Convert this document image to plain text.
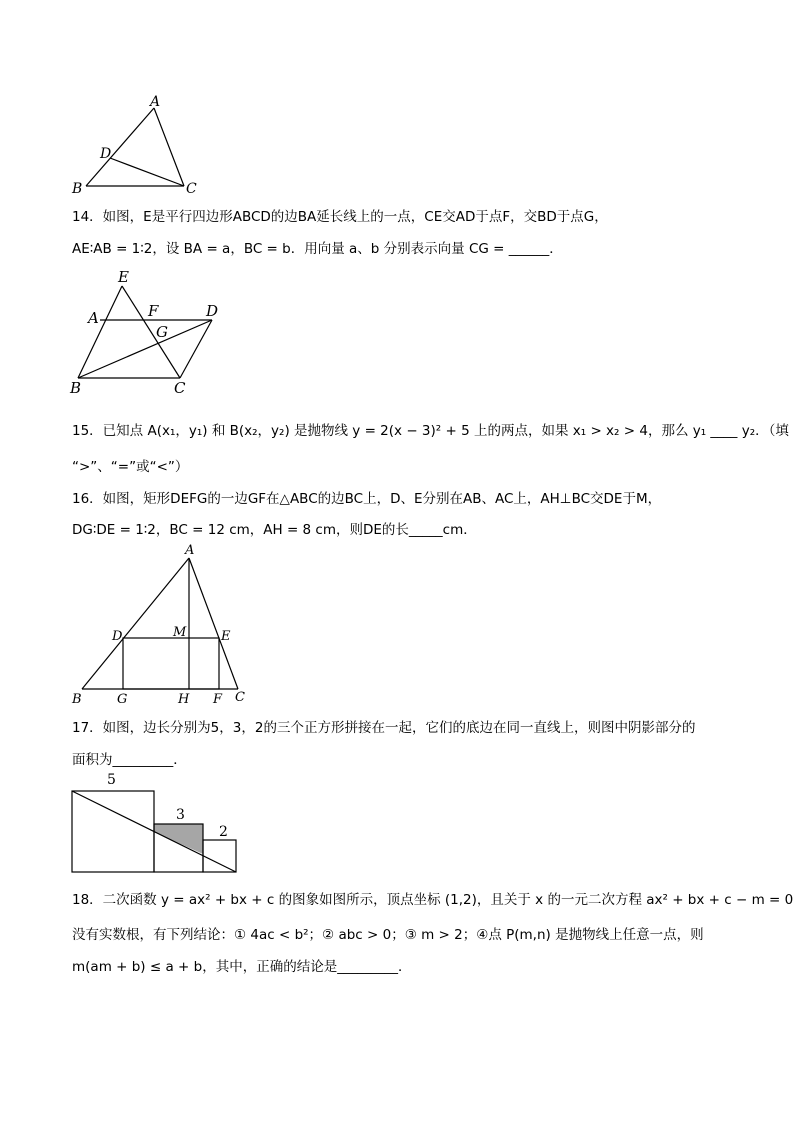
A
D
B	C
14．如图，E是平行四边形ABCD的边BA延长线上的一点，CE交AD于点F，交BD于点G，
AE∶AB = 1∶2，设 BA = a，BC = b．用向量 a、b 分别表示向量 CG = ______．
E
A	F	D
G
B	C
15．已知点 A(x₁，y₁) 和 B(x₂，y₂) 是抛物线 y = 2(x − 3)² + 5 上的两点，如果 x₁ > x₂ > 4，那么 y₁ ____ y₂．（填
“>”、“=”或“<”）
16．如图，矩形DEFG的一边GF在△ABC的边BC上，D、E分别在AB、AC上，AH⊥BC交DE于M，
DG∶DE = 1∶2，BC = 12 cm，AH = 8 cm，则DE的长_____cm．
A
M
D	E
B	G	H F C
17．如图，边长分别为5，3，2的三个正方形拼接在一起，它们的底边在同一直线上，则图中阴影部分的
面积为_________．
5
3
2
18．二次函数 y = ax² + bx + c 的图象如图所示，顶点坐标 (1,2)，且关于 x 的一元二次方程 ax² + bx + c − m = 0
没有实数根，有下列结论：① 4ac < b²；② abc > 0；③ m > 2；④点 P(m,n) 是抛物线上任意一点，则
m(am + b) ≤ a + b，其中，正确的结论是_________．
